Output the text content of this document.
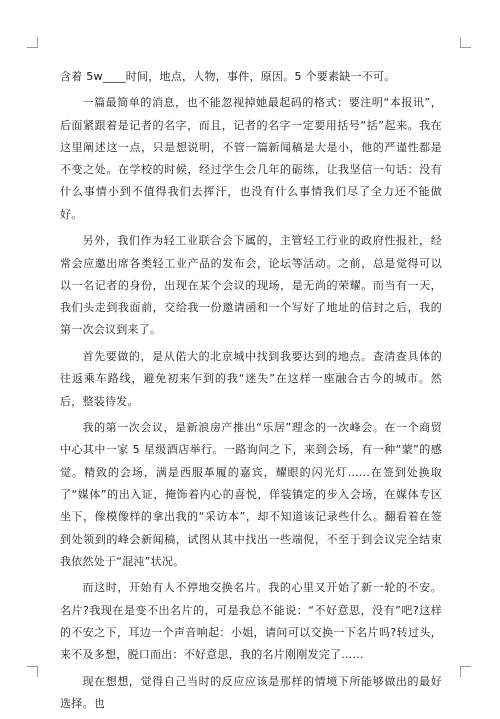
含着 5w____时间，地点，人物，事件，原因。5 个要素缺一不可。

一篇最简单的消息，也不能忽视掉她最起码的格式：要注明“本报讯”，后面紧跟着是记者的名字，而且，记者的名字一定要用括号“括”起来。我在这里阐述这一点，只是想说明，不管一篇新闻稿是大是小，他的严谨性都是不变之处。在学校的时候，经过学生会几年的砺练，让我坚信一句话：没有什么事情小到不值得我们去挥汗，也没有什么事情我们尽了全力还不能做好。

另外，我们作为轻工业联合会下属的，主管轻工行业的政府性报社，经常会应邀出席各类轻工业产品的发布会，论坛等活动。之前，总是觉得可以以一名记者的身份，出现在某个会议的现场，是无尚的荣耀。而当有一天，我们头走到我面前，交给我一份邀请函和一个写好了地址的信封之后，我的第一次会议到来了。

首先要做的，是从偌大的北京城中找到我要达到的地点。查清查具体的往返乘车路线，避免初来乍到的我“迷失”在这样一座融合古今的城市。然后，整装待发。

我的第一次会议，是新浪房产推出“乐居”理念的一次峰会。在一个商贸中心其中一家 5 星级酒店举行。一路询问之下，来到会场，有一种“蒙”的感觉。精致的会场，满是西服革履的嘉宾，耀眼的闪光灯……在签到处换取了“媒体”的出入证，掩饰着内心的喜悦，佯装镇定的步入会场，在媒体专区坐下，像模像样的拿出我的“采访本”，却不知道该记录些什么。翻看着在签到处领到的峰会新闻稿，试图从其中找出一些端倪，不至于到会议完全结束我依然处于“混沌”状况。

而这时，开始有人不停地交换名片。我的心里又开始了新一轮的不安。名片?我现在是变不出名片的，可是我总不能说：“不好意思，没有”吧?这样的不安之下，耳边一个声音响起：小姐，请问可以交换一下名片吗?转过头，来不及多想，脱口而出：不好意思，我的名片刚刚发完了……

现在想想，觉得自己当时的反应应该是那样的情境下所能够做出的最好选择。也
